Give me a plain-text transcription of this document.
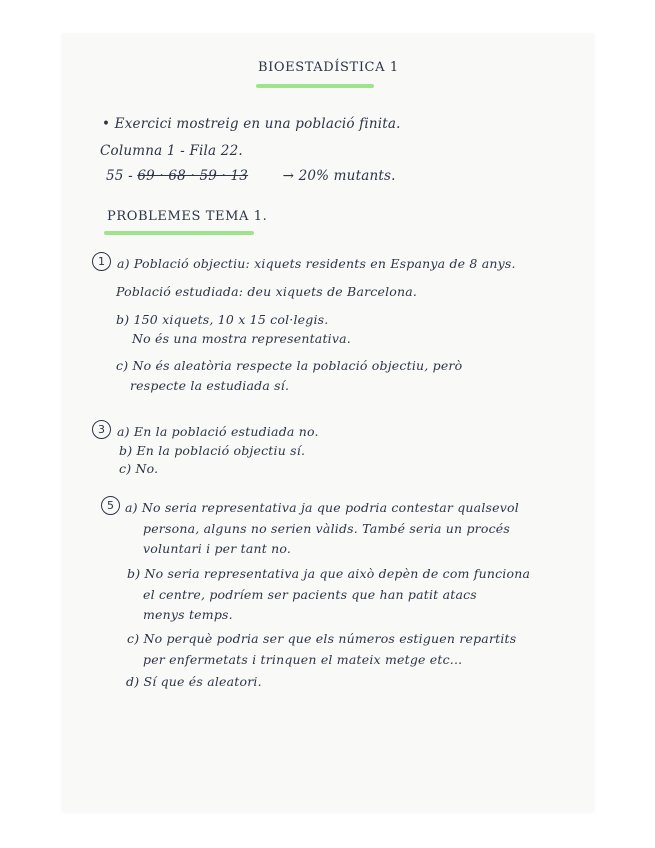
BIOESTADÍSTICA 1
• Exercici mostreig en una població finita.
Columna 1 - Fila 22.
55 - 69 · 68 · 59 · 13	→ 20% mutants.
PROBLEMES TEMA 1.
1 a) Població objectiu: xiquets residents en Espanya de 8 anys.
Població estudiada: deu xiquets de Barcelona.
b) 150 xiquets, 10 x 15 col·legis.
No és una mostra representativa.
c) No és aleatòria respecte la població objectiu, però
respecte la estudiada sí.
3 a) En la població estudiada no.
b) En la població objectiu sí.
c) No.
5 a) No seria representativa ja que podria contestar qualsevol
persona, alguns no serien vàlids. També seria un procés
voluntari i per tant no.
b) No seria representativa ja que això depèn de com funciona
el centre, podríem ser pacients que han patit atacs
menys temps.
c) No perquè podria ser que els números estiguen repartits
per enfermetats i trinquen el mateix metge etc...
d) Sí que és aleatori.
